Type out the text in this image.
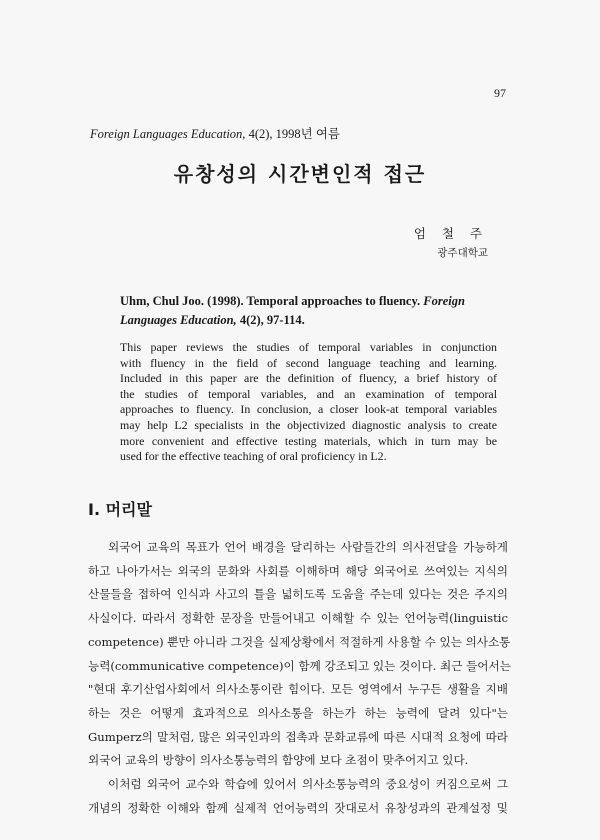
97
Foreign Languages Education, 4(2), 1998년 여름
유창성의 시간변인적 접근
엄 철 주
광주대학교
Uhm, Chul Joo. (1998). Temporal approaches to fluency. Foreign Languages Education, 4(2), 97-114.
This paper reviews the studies of temporal variables in conjunction
with fluency in the field of second language teaching and learning.
Included in this paper are the definition of fluency, a brief history of
the studies of temporal variables, and an examination of temporal
approaches to fluency. In conclusion, a closer look-at temporal variables
may help L2 specialists in the objectivized diagnostic analysis to create
more convenient and effective testing materials, which in turn may be
used for the effective teaching of oral proficiency in L2.
I. 머리말
외국어 교육의 목표가 언어 배경을 달리하는 사람들간의 의사전달을 가능하게
하고 나아가서는 외국의 문화와 사회를 이해하며 해당 외국어로 쓰여있는 지식의
산물들을 접하여 인식과 사고의 틀을 넓히도록 도움을 주는데 있다는 것은 주지의
사실이다. 따라서 정확한 문장을 만들어내고 이해할 수 있는 언어능력(linguistic
competence) 뿐만 아니라 그것을 실제상황에서 적절하게 사용할 수 있는 의사소통
능력(communicative competence)이 함께 강조되고 있는 것이다. 최근 들어서는
"현대 후기산업사회에서 의사소통이란 힘이다. 모든 영역에서 누구든 생활을 지배
하는 것은 어떻게 효과적으로 의사소통을 하는가 하는 능력에 달려 있다"는
Gumperz의 말처럼, 많은 외국인과의 접촉과 문화교류에 따른 시대적 요청에 따라
외국어 교육의 방향이 의사소통능력의 함양에 보다 초점이 맞추어지고 있다.
이처럼 외국어 교수와 학습에 있어서 의사소통능력의 중요성이 커짐으로써 그
개념의 정확한 이해와 함께 실제적 언어능력의 잣대로서 유창성과의 관계설정 및
